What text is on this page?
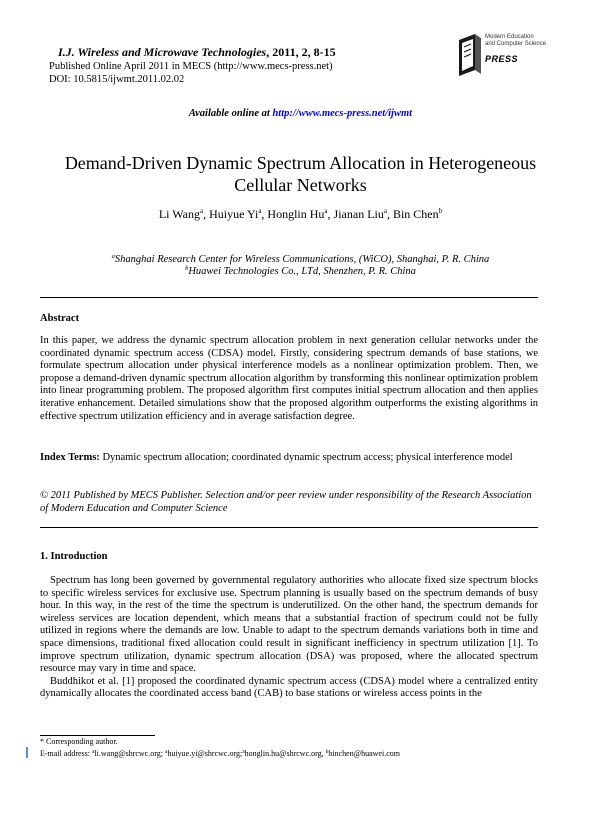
I.J. Wireless and Microwave Technologies, 2011, 2, 8-15
Published Online April 2011 in MECS (http://www.mecs-press.net)
DOI: 10.5815/ijwmt.2011.02.02
Modern Education
and Computer Science
PRESS
Available online at http://www.mecs-press.net/ijwmt
Demand-Driven Dynamic Spectrum Allocation in Heterogeneous Cellular Networks
Li Wang$^a$, Huiyue Yi$^a$, Honglin Hu$^a$, Jianan Liu$^a$, Bin Chen$^b$
$^a$Shanghai Research Center for Wireless Communications, (WiCO), Shanghai, P. R. China
$^b$Huawei Technologies Co., LTd, Shenzhen, P. R. China
Abstract
In this paper, we address the dynamic spectrum allocation problem in next generation cellular networks under the coordinated dynamic spectrum access (CDSA) model. Firstly, considering spectrum demands of base stations, we formulate spectrum allocation under physical interference models as a nonlinear optimization problem. Then, we propose a demand-driven dynamic spectrum allocation algorithm by transforming this nonlinear optimization problem into linear programming problem. The proposed algorithm first computes initial spectrum allocation and then applies iterative enhancement. Detailed simulations show that the proposed algorithm outperforms the existing algorithms in effective spectrum utilization efficiency and in average satisfaction degree.
Index Terms: Dynamic spectrum allocation; coordinated dynamic spectrum access; physical interference model
© 2011 Published by MECS Publisher. Selection and/or peer review under responsibility of the Research Association of Modern Education and Computer Science
1. Introduction

Spectrum has long been governed by governmental regulatory authorities who allocate fixed size spectrum blocks to specific wireless services for exclusive use. Spectrum planning is usually based on the spectrum demands of busy hour. In this way, in the rest of the time the spectrum is underutilized. On the other hand, the spectrum demands for wireless services are location dependent, which means that a substantial fraction of spectrum could not be fully utilized in regions where the demands are low. Unable to adapt to the spectrum demands variations both in time and space dimensions, traditional fixed allocation could result in significant inefficiency in spectrum utilization [1]. To improve spectrum utilization, dynamic spectrum allocation (DSA) was proposed, where the allocated spectrum resource may vary in time and space.

Buddhikot et al. [1] proposed the coordinated dynamic spectrum access (CDSA) model where a centralized entity dynamically allocates the coordinated access band (CAB) to base stations or wireless access points in the

* Corresponding author.
E-mail address: $^a$li.wang@shrcwc.org; $^a$huiyue.yi@shrcwc.org;$^a$honglin.hu@shrcwc.org, $^b$binchen@huawei.com
